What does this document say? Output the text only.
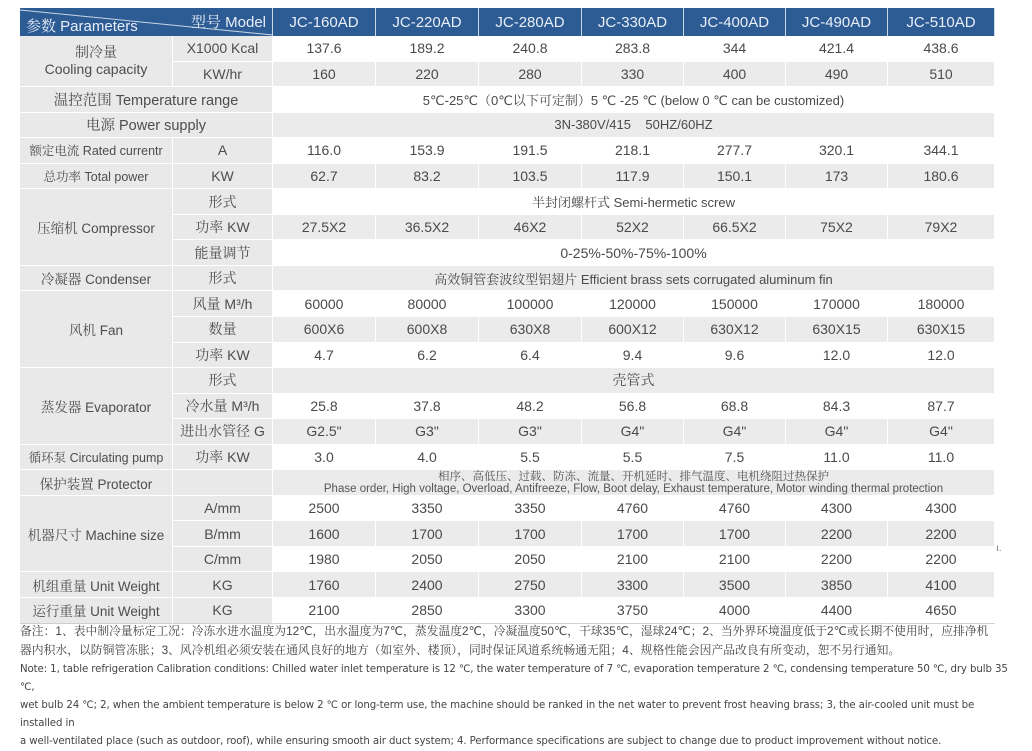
型号 Model
参数 Parameters		JC-160AD	JC-220AD	JC-280AD	JC-330AD	JC-400AD	JC-490AD	JC-510AD

制冷量
Cooling capacity	X1000 Kcal	137.6	189.2	240.8	283.8	344	421.4	438.6
	KW/hr	160	220	280	330	400	490	510
温控范围 Temperature range		5℃-25℃（0℃以下可定制）5 ℃ -25 ℃ (below 0 ℃ can be customized)						
电源 Power supply		3N-380V/415    50HZ/60HZ						
额定电流 Rated currentr	A	116.0	153.9	191.5	218.1	277.7	320.1	344.1
总功率 Total power	KW	62.7	83.2	103.5	117.9	150.1	173	180.6
压缩机 Compressor	形式	半封闭螺杆式 Semi-hermetic screw						
	功率 KW	27.5X2	36.5X2	46X2	52X2	66.5X2	75X2	79X2
	能量调节	0-25%-50%-75%-100%						
冷凝器 Condenser	形式	高效铜管套波纹型铝翅片 Efficient brass sets corrugated aluminum fin						
风机 Fan	风量 M³/h	60000	80000	100000	120000	150000	170000	180000
	数量	600X6	600X8	630X8	600X12	630X12	630X15	630X15
	功率 KW	4.7	6.2	6.4	9.4	9.6	12.0	12.0
蒸发器 Evaporator	形式	壳管式						
	冷水量 M³/h	25.8	37.8	48.2	56.8	68.8	84.3	87.7
	进出水管径 G	G2.5"	G3"	G3"	G4"	G4"	G4"	G4"
循环泵 Circulating pump	功率 KW	3.0	4.0	5.5	5.5	7.5	11.0	11.0
保护装置 Protector		相序、高低压、过载、防冻、流量、开机延时、排气温度、电机绕阻过热保护
Phase order, High voltage, Overload, Antifreeze, Flow, Boot delay, Exhaust temperature, Motor winding thermal protection						

机器尺寸 Machine size	A/mm	2500	3350	3350	4760	4760	4300	4300
	B/mm	1600	1700	1700	1700	1700	2200	2200
	C/mm	1980	2050	2050	2100	2100	2200	2200
机组重量 Unit Weight	KG	1760	2400	2750	3300	3500	3850	4100
运行重量 Unit Weight	KG	2100	2850	3300	3750	4000	4400	4650
ı.
备注：1、表中制冷量标定工况：冷冻水进水温度为12℃，出水温度为7℃，蒸发温度2℃，冷凝温度50℃，干球35℃，湿球24℃；2、当外界环境温度低于2℃或长期不使用时，应排净机
器内积水，以防铜管冻胀；3、风冷机组必须安装在通风良好的地方（如室外、楼顶），同时保证风道系统畅通无阻；4、规格性能会因产品改良有所变动，恕不另行通知。
Note: 1, table refrigeration Calibration conditions: Chilled water inlet temperature is 12 ℃, the water temperature of 7 ℃, evaporation temperature 2 ℃, condensing temperature 50 ℃, dry bulb 35 ℃,
wet bulb 24 ℃; 2, when the ambient temperature is below 2 ℃ or long-term use, the machine should be ranked in the net water to prevent frost heaving brass; 3, the air-cooled unit must be installed in
a well-ventilated place (such as outdoor, roof), while ensuring smooth air duct system; 4. Performance specifications are subject to change due to product improvement without notice.
